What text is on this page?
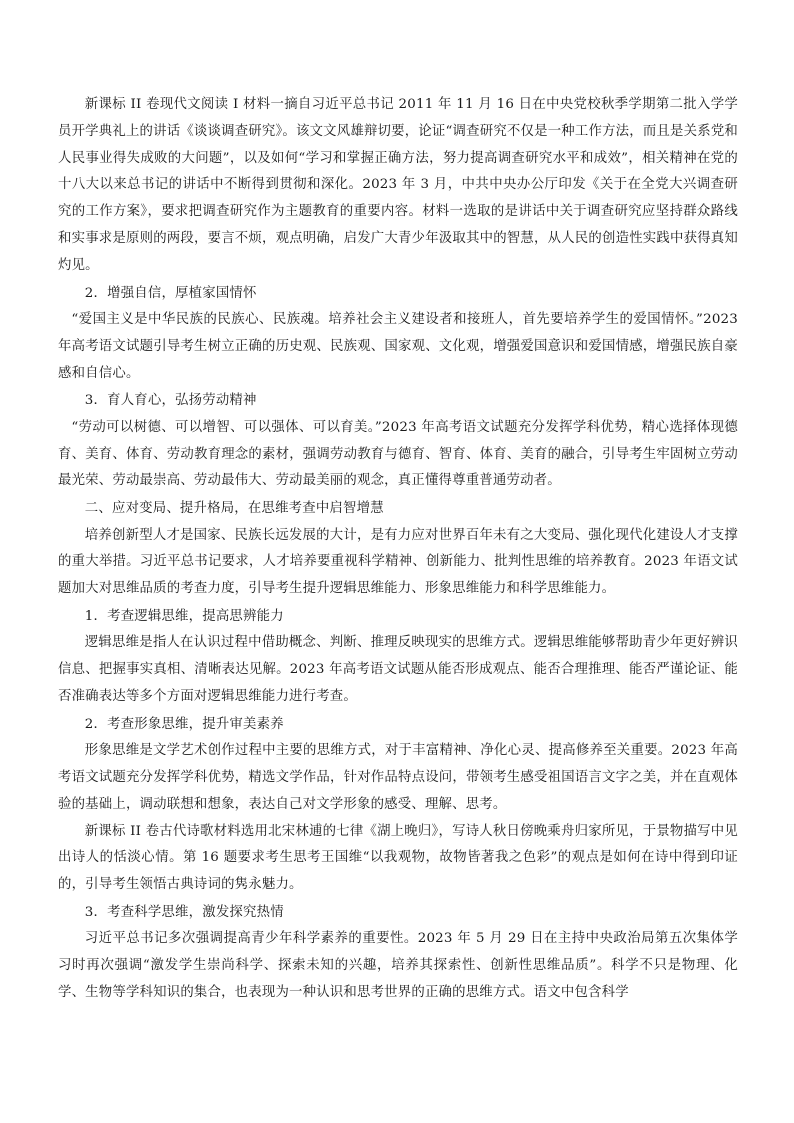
新课标 II 卷现代文阅读 I 材料一摘自习近平总书记 2011 年 11 月 16 日在中央党校秋季学期第二批入学学员开学典礼上的讲话《谈谈调查研究》。该文文风雄辩切要，论证“调查研究不仅是一种工作方法，而且是关系党和人民事业得失成败的大问题”，以及如何“学习和掌握正确方法，努力提高调查研究水平和成效”，相关精神在党的十八大以来总书记的讲话中不断得到贯彻和深化。2023 年 3 月，中共中央办公厅印发《关于在全党大兴调查研究的工作方案》，要求把调查研究作为主题教育的重要内容。材料一选取的是讲话中关于调查研究应坚持群众路线和实事求是原则的两段，要言不烦，观点明确，启发广大青少年汲取其中的智慧，从人民的创造性实践中获得真知灼见。

2．增强自信，厚植家国情怀

“爱国主义是中华民族的民族心、民族魂。培养社会主义建设者和接班人，首先要培养学生的爱国情怀。”2023 年高考语文试题引导考生树立正确的历史观、民族观、国家观、文化观，增强爱国意识和爱国情感，增强民族自豪感和自信心。

3．育人育心，弘扬劳动精神

“劳动可以树德、可以增智、可以强体、可以育美。”2023 年高考语文试题充分发挥学科优势，精心选择体现德育、美育、体育、劳动教育理念的素材，强调劳动教育与德育、智育、体育、美育的融合，引导考生牢固树立劳动最光荣、劳动最崇高、劳动最伟大、劳动最美丽的观念，真正懂得尊重普通劳动者。

二、应对变局、提升格局，在思维考查中启智增慧

培养创新型人才是国家、民族长远发展的大计，是有力应对世界百年未有之大变局、强化现代化建设人才支撑的重大举措。习近平总书记要求，人才培养要重视科学精神、创新能力、批判性思维的培养教育。2023 年语文试题加大对思维品质的考查力度，引导考生提升逻辑思维能力、形象思维能力和科学思维能力。

1．考查逻辑思维，提高思辨能力

逻辑思维是指人在认识过程中借助概念、判断、推理反映现实的思维方式。逻辑思维能够帮助青少年更好辨识信息、把握事实真相、清晰表达见解。2023 年高考语文试题从能否形成观点、能否合理推理、能否严谨论证、能否准确表达等多个方面对逻辑思维能力进行考查。

2．考查形象思维，提升审美素养

形象思维是文学艺术创作过程中主要的思维方式，对于丰富精神、净化心灵、提高修养至关重要。2023 年高考语文试题充分发挥学科优势，精选文学作品，针对作品特点设问，带领考生感受祖国语言文字之美，并在直观体验的基础上，调动联想和想象，表达自己对文学形象的感受、理解、思考。

新课标 II 卷古代诗歌材料选用北宋林逋的七律《湖上晚归》，写诗人秋日傍晚乘舟归家所见，于景物描写中见出诗人的恬淡心情。第 16 题要求考生思考王国维“以我观物，故物皆著我之色彩”的观点是如何在诗中得到印证的，引导考生领悟古典诗词的隽永魅力。

3．考查科学思维，激发探究热情

习近平总书记多次强调提高青少年科学素养的重要性。2023 年 5 月 29 日在主持中央政治局第五次集体学习时再次强调“激发学生崇尚科学、探索未知的兴趣，培养其探索性、创新性思维品质”。科学不只是物理、化学、生物等学科知识的集合，也表现为一种认识和思考世界的正确的思维方式。语文中包含科学
